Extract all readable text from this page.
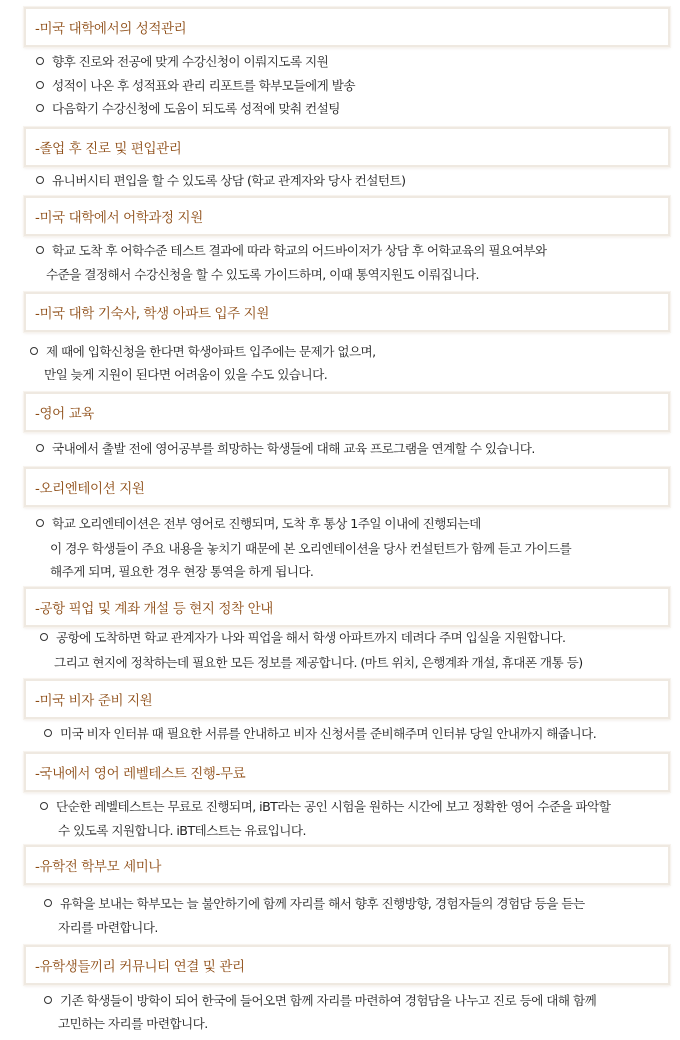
-미국 대학에서의 성적관리
향후 진로와 전공에 맞게 수강신청이 이뤄지도록 지원
성적이 나온 후 성적표와 관리 리포트를 학부모들에게 발송
다음학기 수강신청에 도움이 되도록 성적에 맞춰 컨설팅
-졸업 후 진로 및 편입관리
유니버시티 편입을 할 수 있도록 상담 (학교 관계자와 당사 컨설턴트)
-미국 대학에서 어학과정 지원
학교 도착 후 어학수준 테스트 결과에 따라 학교의 어드바이저가 상담 후 어학교육의 필요여부와
수준을 결정해서 수강신청을 할 수 있도록 가이드하며, 이때 통역지원도 이뤄집니다.
-미국 대학 기숙사, 학생 아파트 입주 지원
제 때에 입학신청을 한다면 학생아파트 입주에는 문제가 없으며,
만일 늦게 지원이 된다면 어려움이 있을 수도 있습니다.
-영어 교육
국내에서 출발 전에 영어공부를 희망하는 학생들에 대해 교육 프로그램을 연계할 수 있습니다.
-오리엔테이션 지원
학교 오리엔테이션은 전부 영어로 진행되며, 도착 후 통상 1주일 이내에 진행되는데
이 경우 학생들이 주요 내용을 놓치기 때문에 본 오리엔테이션을 당사 컨설턴트가 함께 듣고 가이드를
해주게 되며, 필요한 경우 현장 통역을 하게 됩니다.
-공항 픽업 및 계좌 개설 등 현지 정착 안내
공항에 도착하면 학교 관계자가 나와 픽업을 해서 학생 아파트까지 데려다 주며 입실을 지원합니다.
그리고 현지에 정착하는데 필요한 모든 정보를 제공합니다. (마트 위치, 은행계좌 개설, 휴대폰 개통 등)
-미국 비자 준비 지원
미국 비자 인터뷰 때 필요한 서류를 안내하고 비자 신청서를 준비해주며 인터뷰 당일 안내까지 해줍니다.
-국내에서 영어 레벨테스트 진행-무료
단순한 레벨테스트는 무료로 진행되며, iBT라는 공인 시험을 원하는 시간에 보고 정확한 영어 수준을 파악할
수 있도록 지원합니다. iBT테스트는 유료입니다.
-유학전 학부모 세미나
유학을 보내는 학부모는 늘 불안하기에 함께 자리를 해서 향후 진행방향, 경험자들의 경험담 등을 듣는
자리를 마련합니다.
-유학생들끼리 커뮤니티 연결 및 관리
기존 학생들이 방학이 되어 한국에 들어오면 함께 자리를 마련하여 경험담을 나누고 진로 등에 대해 함께
고민하는 자리를 마련합니다.
